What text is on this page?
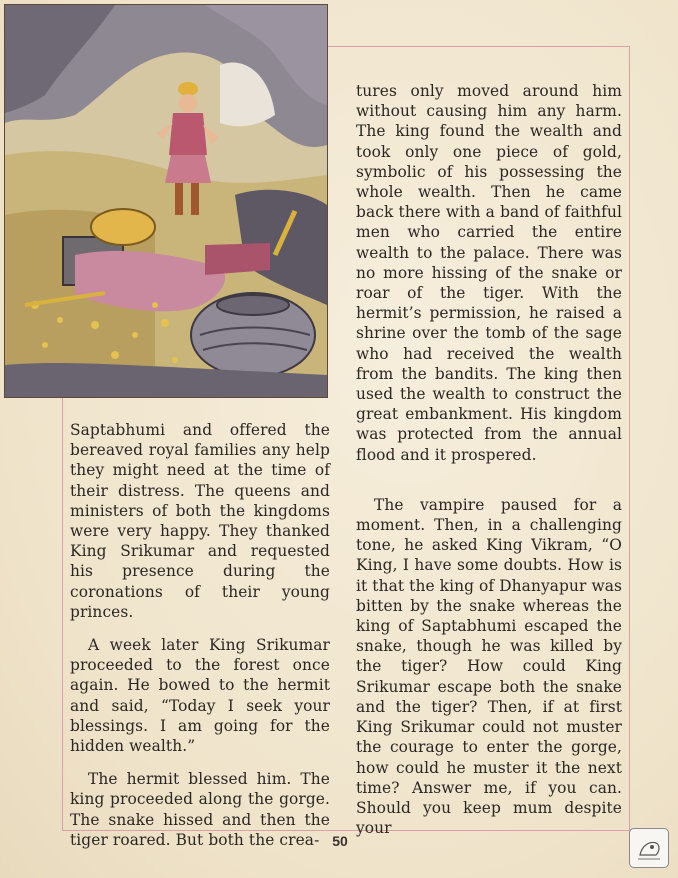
Saptabhumi and offered the bereaved royal families any help they might need at the time of their distress. The queens and ministers of both the kingdoms were very happy. They thanked King Srikumar and requested his presence during the coronations of their young princes.

A week later King Srikumar proceeded to the forest once again. He bowed to the hermit and said, “Today I seek your blessings. I am going for the hidden wealth.”

The hermit blessed him. The king proceeded along the gorge. The snake hissed and then the tiger roared. But both the crea-

tures only moved around him without causing him any harm. The king found the wealth and took only one piece of gold, symbolic of his possessing the whole wealth. Then he came back there with a band of faithful men who carried the entire wealth to the palace. There was no more hissing of the snake or roar of the tiger. With the hermit’s permission, he raised a shrine over the tomb of the sage who had received the wealth from the bandits. The king then used the wealth to construct the great embankment. His kingdom was protected from the annual flood and it prospered.

The vampire paused for a moment. Then, in a challenging tone, he asked King Vikram, “O King, I have some doubts. How is it that the king of Dhanyapur was bitten by the snake whereas the king of Saptabhumi escaped the snake, though he was killed by the tiger? How could King Srikumar escape both the snake and the tiger? Then, if at first King Srikumar could not muster the courage to enter the gorge, how could he muster it the next time? Answer me, if you can. Should you keep mum despite your

50
